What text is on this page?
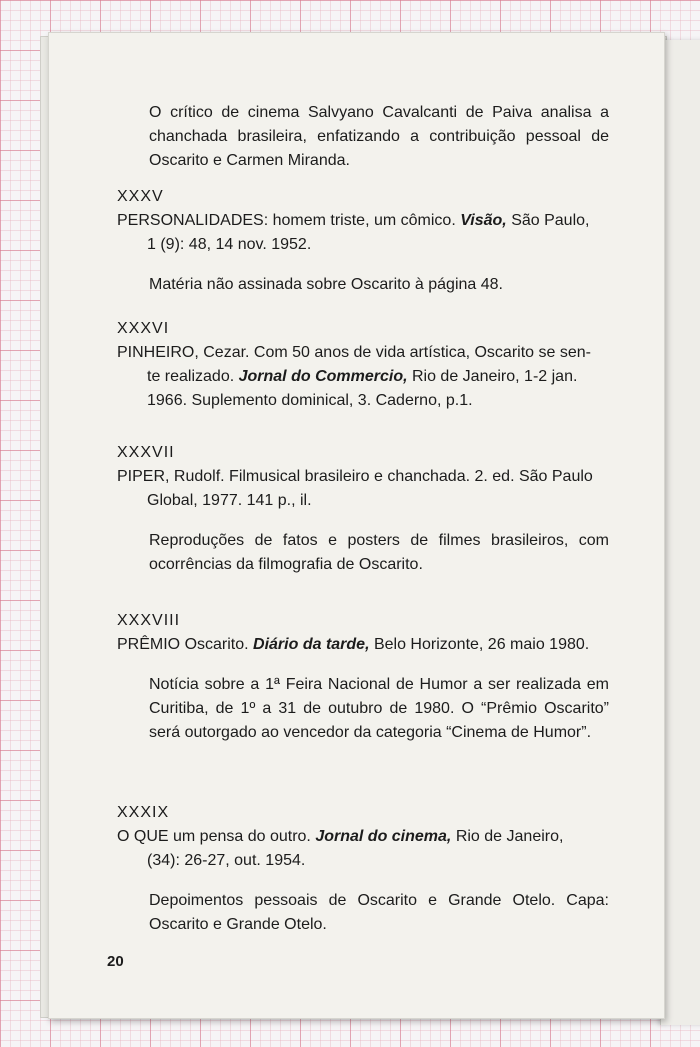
O crítico de cinema Salvyano Cavalcanti de Paiva analisa a chanchada brasileira, enfatizando a contribuição pessoal de Oscarito e Carmen Miranda.
XXXV
PERSONALIDADES: homem triste, um cômico. Visão, São Paulo,
1 (9): 48, 14 nov. 1952.
Matéria não assinada sobre Oscarito à página 48.
XXXVI
PINHEIRO, Cezar. Com 50 anos de vida artística, Oscarito se sen-
te realizado. Jornal do Commercio, Rio de Janeiro, 1-2 jan.
1966. Suplemento dominical, 3. Caderno, p.1.
XXXVII
PIPER, Rudolf. Filmusical brasileiro e chanchada. 2. ed. São Paulo
Global, 1977. 141 p., il.
Reproduções de fatos e posters de filmes brasileiros, com ocorrências da filmografia de Oscarito.
XXXVIII
PRÊMIO Oscarito. Diário da tarde, Belo Horizonte, 26 maio 1980.
Notícia sobre a 1ª Feira Nacional de Humor a ser realizada em Curitiba, de 1º a 31 de outubro de 1980. O “Prêmio Oscarito” será outorgado ao vencedor da categoria “Cinema de Humor”.
XXXIX
O QUE um pensa do outro. Jornal do cinema, Rio de Janeiro,
(34): 26-27, out. 1954.
Depoimentos pessoais de Oscarito e Grande Otelo. Capa: Oscarito e Grande Otelo.
20
